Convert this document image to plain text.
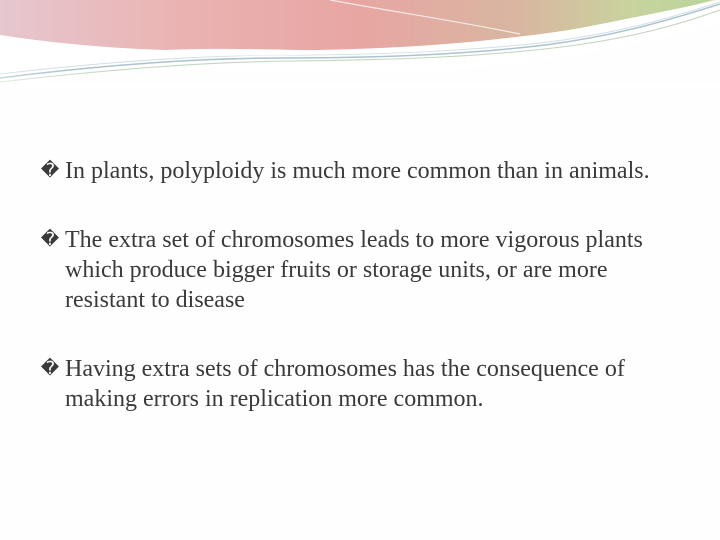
� In plants, polyploidy is much more common than in animals.
� The extra set of chromosomes leads to more vigorous plants which produce bigger fruits or storage units, or are more resistant to disease
� Having extra sets of chromosomes has the consequence of making errors in replication more common.
